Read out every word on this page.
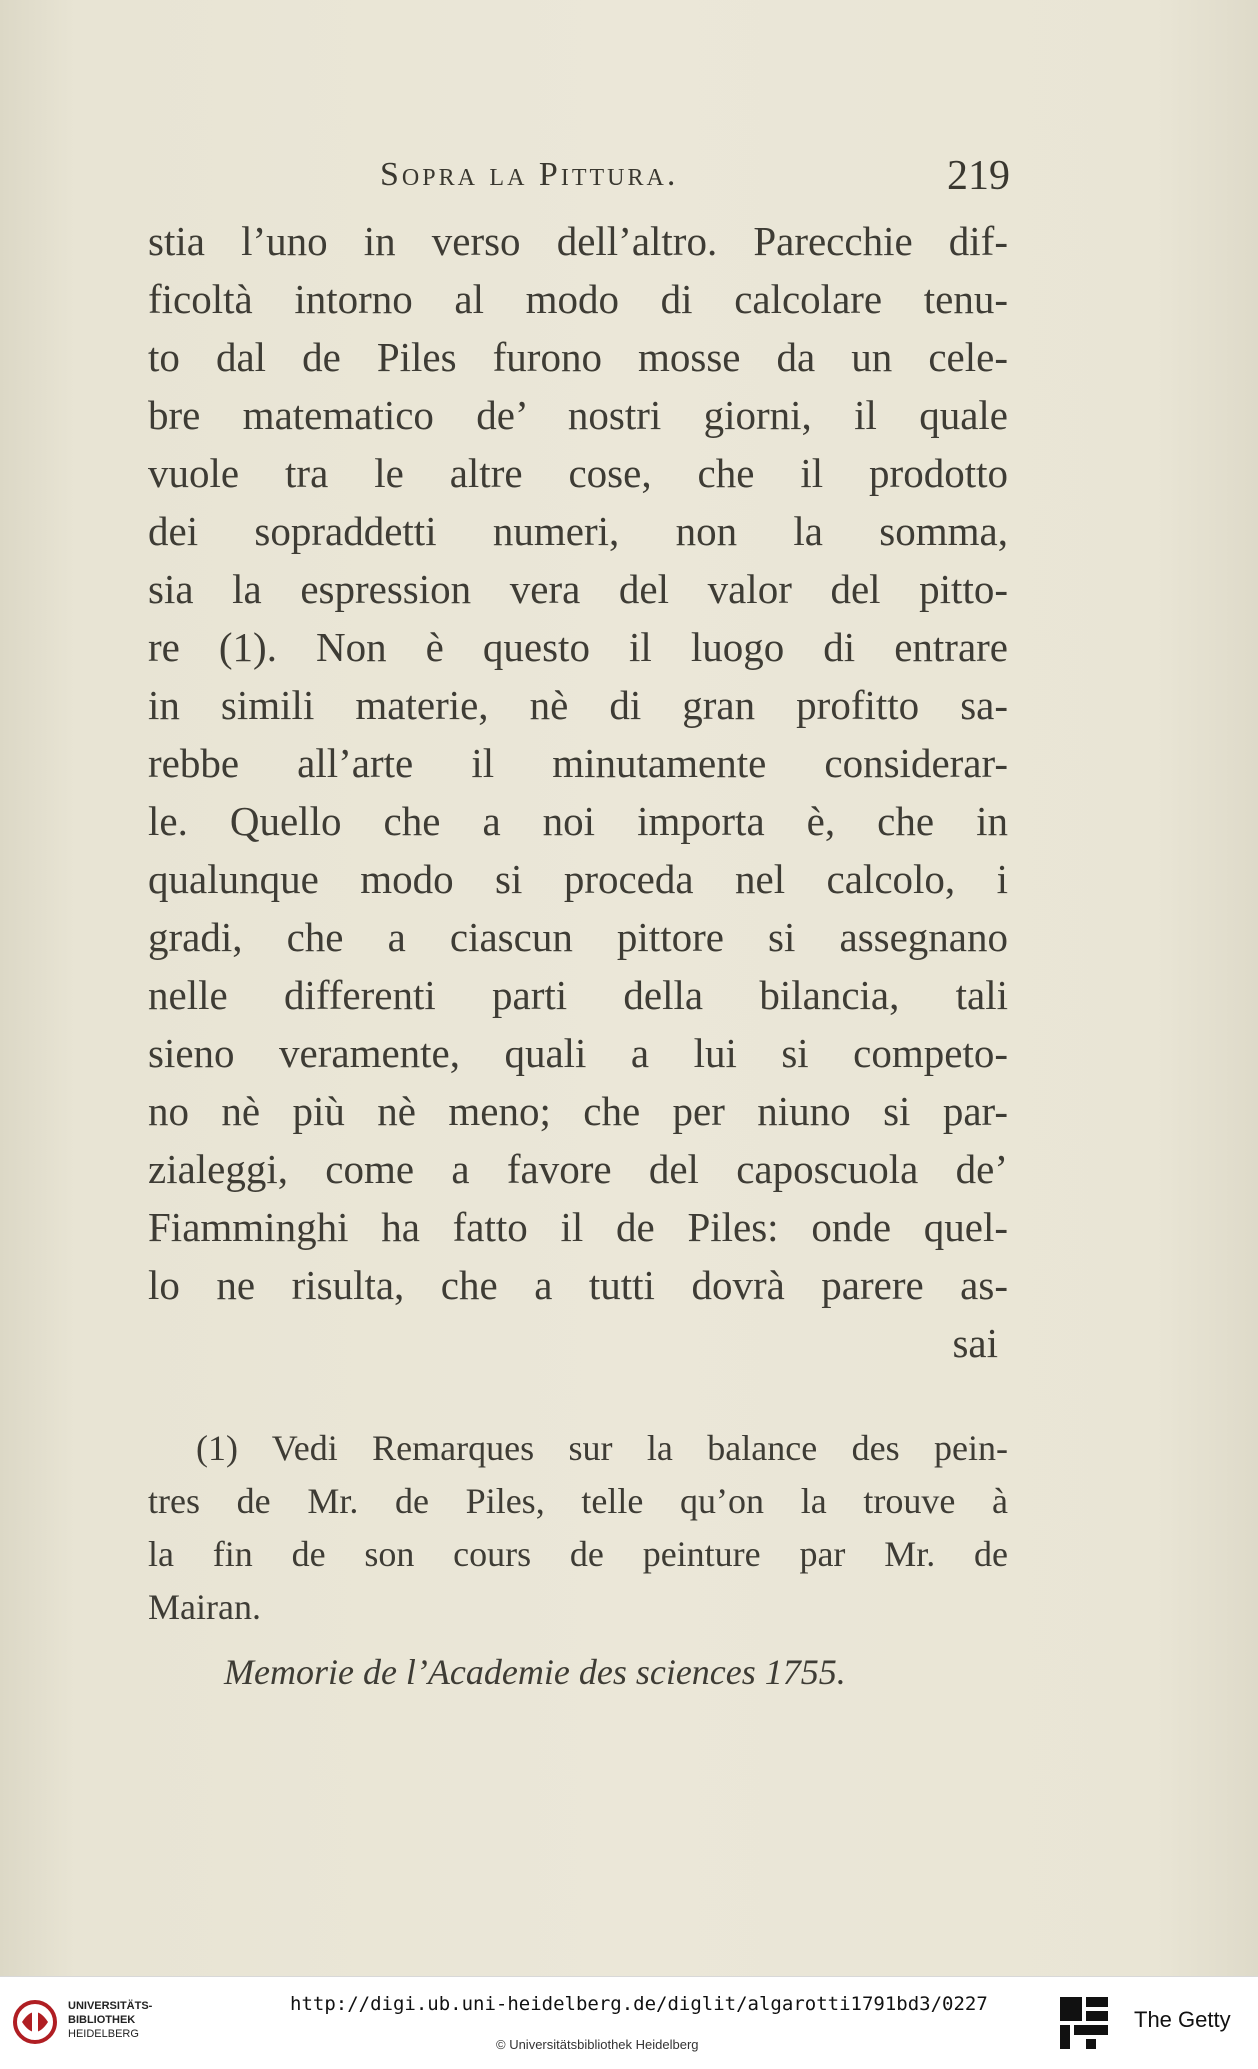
Sopra la Pittura.	219
stia l’uno in verso dell’altro. Parecchie dif-
ficoltà intorno al modo di calcolare tenu-
to dal de Piles furono mosse da un cele-
bre matematico de’ nostri giorni, il quale
vuole tra le altre cose, che il prodotto
dei sopraddetti numeri, non la somma,
sia la espression vera del valor del pitto-
re (1). Non è questo il luogo di entrare
in simili materie, nè di gran profitto sa-
rebbe all’arte il minutamente considerar-
le. Quello che a noi importa è, che in
qualunque modo si proceda nel calcolo, i
gradi, che a ciascun pittore si assegnano
nelle differenti parti della bilancia, tali
sieno veramente, quali a lui si competo-
no nè più nè meno; che per niuno si par-
zialeggi, come a favore del caposcuola de’
Fiamminghi ha fatto il de Piles: onde quel-
lo ne risulta, che a tutti dovrà parere as-
sai
(1) Vedi Remarques sur la balance des pein-
tres de Mr. de Piles, telle qu’on la trouve à
la fin de son cours de peinture par Mr. de
Mairan.
Memorie de l’Academie des sciences 1755.
UNIVERSITÄTS-
BIBLIOTHEK
HEIDELBERG
http://digi.ub.uni-heidelberg.de/diglit/algarotti1791bd3/0227
© Universitätsbibliothek Heidelberg
The Getty
